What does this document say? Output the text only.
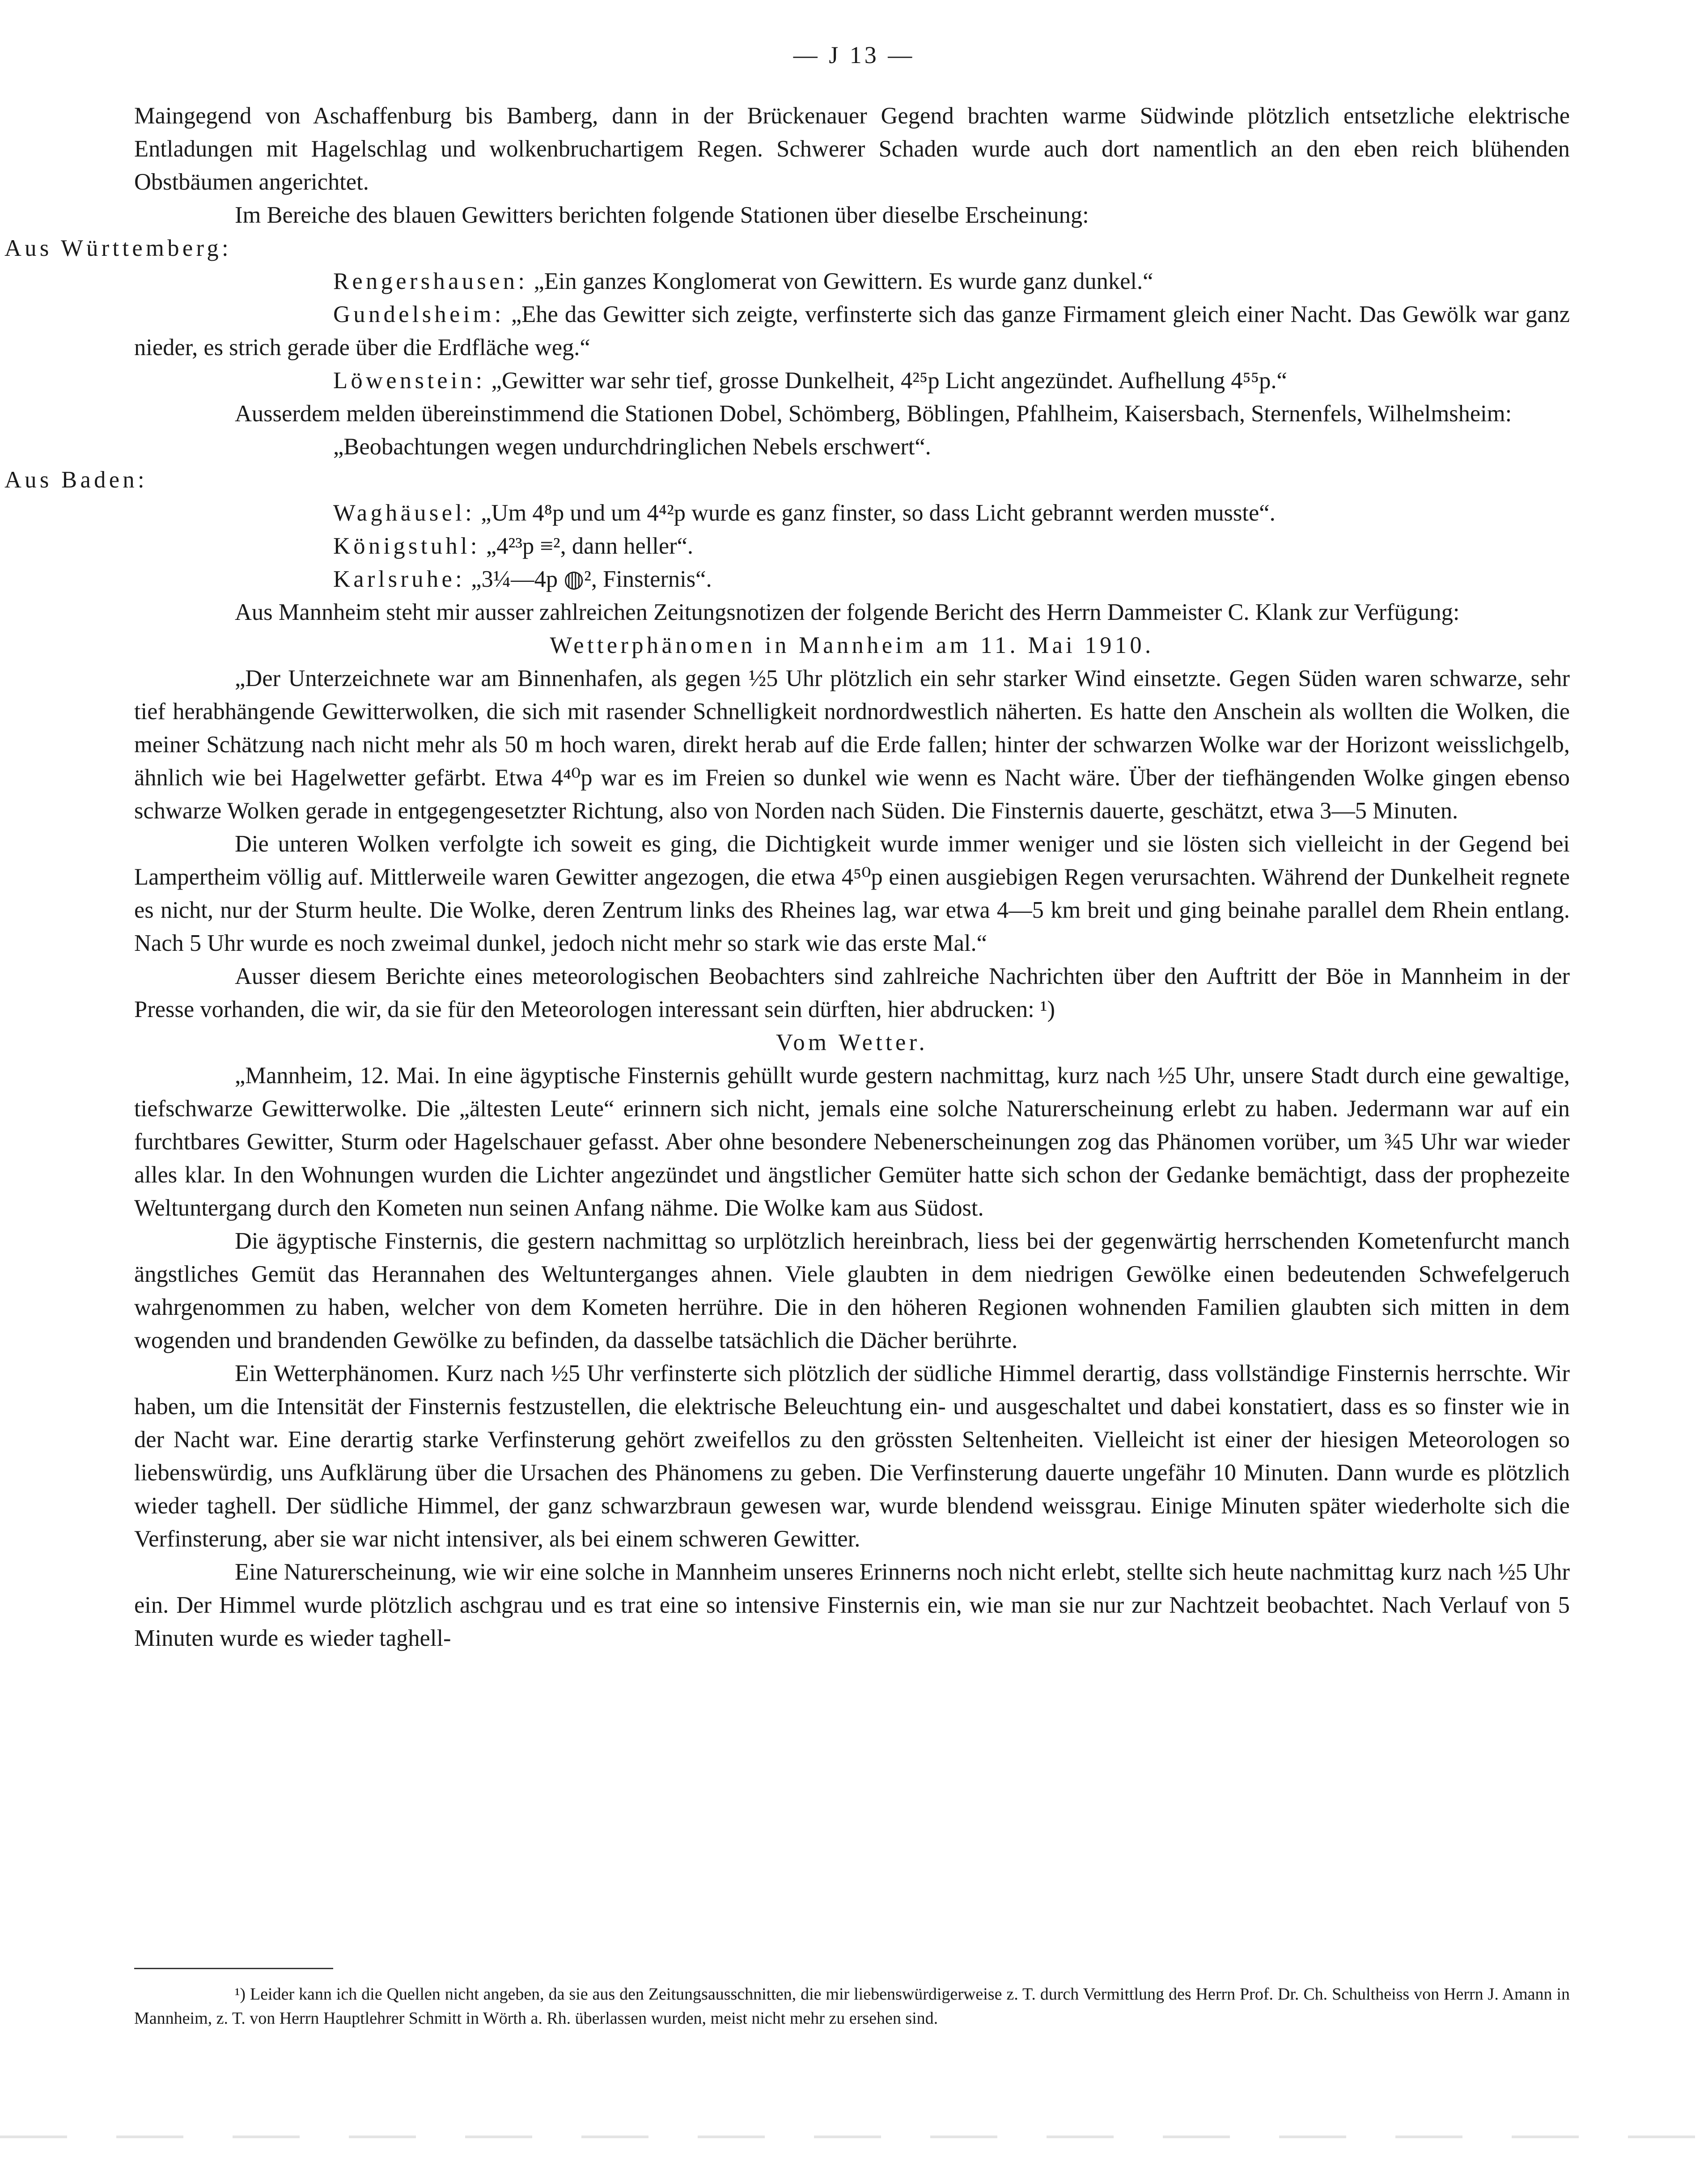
— J 13 —

Maingegend von Aschaffenburg bis Bamberg, dann in der Brückenauer Gegend brachten warme Südwinde plötzlich entsetzliche elektrische Entladungen mit Hagelschlag und wolkenbruchartigem Regen. Schwerer Schaden wurde auch dort namentlich an den eben reich blühenden Obstbäumen angerichtet.

Im Bereiche des blauen Gewitters berichten folgende Stationen über dieselbe Erscheinung:

Aus Württemberg:

Rengershausen: „Ein ganzes Konglomerat von Gewittern. Es wurde ganz dunkel.“

Gundelsheim: „Ehe das Gewitter sich zeigte, verfinsterte sich das ganze Firmament gleich einer Nacht. Das Gewölk war ganz nieder, es strich gerade über die Erdfläche weg.“

Löwenstein: „Gewitter war sehr tief, grosse Dunkelheit, 4²⁵p Licht angezündet. Aufhellung 4⁵⁵p.“

Ausserdem melden übereinstimmend die Stationen Dobel, Schömberg, Böblingen, Pfahlheim, Kaisersbach, Sternenfels, Wilhelmsheim:

„Beobachtungen wegen undurchdringlichen Nebels erschwert“.

Aus Baden:

Waghäusel: „Um 4⁸p und um 4⁴²p wurde es ganz finster, so dass Licht gebrannt werden musste“.

Königstuhl: „4²³p ≡², dann heller“.

Karlsruhe: „3¼—4p ◍², Finsternis“.

Aus Mannheim steht mir ausser zahlreichen Zeitungsnotizen der folgende Bericht des Herrn Dammeister C. Klank zur Verfügung:

Wetterphänomen in Mannheim am 11. Mai 1910.

„Der Unterzeichnete war am Binnenhafen, als gegen ½5 Uhr plötzlich ein sehr starker Wind einsetzte. Gegen Süden waren schwarze, sehr tief herabhängende Gewitterwolken, die sich mit rasender Schnelligkeit nordnordwestlich näherten. Es hatte den Anschein als wollten die Wolken, die meiner Schätzung nach nicht mehr als 50 m hoch waren, direkt herab auf die Erde fallen; hinter der schwarzen Wolke war der Horizont weisslichgelb, ähnlich wie bei Hagelwetter gefärbt. Etwa 4⁴⁰p war es im Freien so dunkel wie wenn es Nacht wäre. Über der tiefhängenden Wolke gingen ebenso schwarze Wolken gerade in entgegengesetzter Richtung, also von Norden nach Süden. Die Finsternis dauerte, geschätzt, etwa 3—5 Minuten.

Die unteren Wolken verfolgte ich soweit es ging, die Dichtigkeit wurde immer weniger und sie lösten sich vielleicht in der Gegend bei Lampertheim völlig auf. Mittlerweile waren Gewitter angezogen, die etwa 4⁵⁰p einen ausgiebigen Regen verursachten. Während der Dunkelheit regnete es nicht, nur der Sturm heulte. Die Wolke, deren Zentrum links des Rheines lag, war etwa 4—5 km breit und ging beinahe parallel dem Rhein entlang. Nach 5 Uhr wurde es noch zweimal dunkel, jedoch nicht mehr so stark wie das erste Mal.“

Ausser diesem Berichte eines meteorologischen Beobachters sind zahlreiche Nachrichten über den Auftritt der Böe in Mannheim in der Presse vorhanden, die wir, da sie für den Meteorologen interessant sein dürften, hier abdrucken: ¹)

Vom Wetter.

„Mannheim, 12. Mai. In eine ägyptische Finsternis gehüllt wurde gestern nachmittag, kurz nach ½5 Uhr, unsere Stadt durch eine gewaltige, tiefschwarze Gewitterwolke. Die „ältesten Leute“ erinnern sich nicht, jemals eine solche Naturerscheinung erlebt zu haben. Jedermann war auf ein furchtbares Gewitter, Sturm oder Hagelschauer gefasst. Aber ohne besondere Nebenerscheinungen zog das Phänomen vorüber, um ¾5 Uhr war wieder alles klar. In den Wohnungen wurden die Lichter angezündet und ängstlicher Gemüter hatte sich schon der Gedanke bemächtigt, dass der prophezeite Weltuntergang durch den Kometen nun seinen Anfang nähme. Die Wolke kam aus Südost.

Die ägyptische Finsternis, die gestern nachmittag so urplötzlich hereinbrach, liess bei der gegenwärtig herrschenden Kometenfurcht manch ängstliches Gemüt das Herannahen des Weltunterganges ahnen. Viele glaubten in dem niedrigen Gewölke einen bedeutenden Schwefelgeruch wahrgenommen zu haben, welcher von dem Kometen herrühre. Die in den höheren Regionen wohnenden Familien glaubten sich mitten in dem wogenden und brandenden Gewölke zu befinden, da dasselbe tatsächlich die Dächer berührte.

Ein Wetterphänomen. Kurz nach ½5 Uhr verfinsterte sich plötzlich der südliche Himmel derartig, dass vollständige Finsternis herrschte. Wir haben, um die Intensität der Finsternis festzustellen, die elektrische Beleuchtung ein- und ausgeschaltet und dabei konstatiert, dass es so finster wie in der Nacht war. Eine derartig starke Verfinsterung gehört zweifellos zu den grössten Seltenheiten. Vielleicht ist einer der hiesigen Meteorologen so liebenswürdig, uns Aufklärung über die Ursachen des Phänomens zu geben. Die Verfinsterung dauerte ungefähr 10 Minuten. Dann wurde es plötzlich wieder taghell. Der südliche Himmel, der ganz schwarzbraun gewesen war, wurde blendend weissgrau. Einige Minuten später wiederholte sich die Verfinsterung, aber sie war nicht intensiver, als bei einem schweren Gewitter.

Eine Naturerscheinung, wie wir eine solche in Mannheim unseres Erinnerns noch nicht erlebt, stellte sich heute nachmittag kurz nach ½5 Uhr ein. Der Himmel wurde plötzlich aschgrau und es trat eine so intensive Finsternis ein, wie man sie nur zur Nachtzeit beobachtet. Nach Verlauf von 5 Minuten wurde es wieder taghell-

¹) Leider kann ich die Quellen nicht angeben, da sie aus den Zeitungsausschnitten, die mir liebenswürdigerweise z. T. durch Vermittlung des Herrn Prof. Dr. Ch. Schultheiss von Herrn J. Amann in Mannheim, z. T. von Herrn Hauptlehrer Schmitt in Wörth a. Rh. überlassen wurden, meist nicht mehr zu ersehen sind.
